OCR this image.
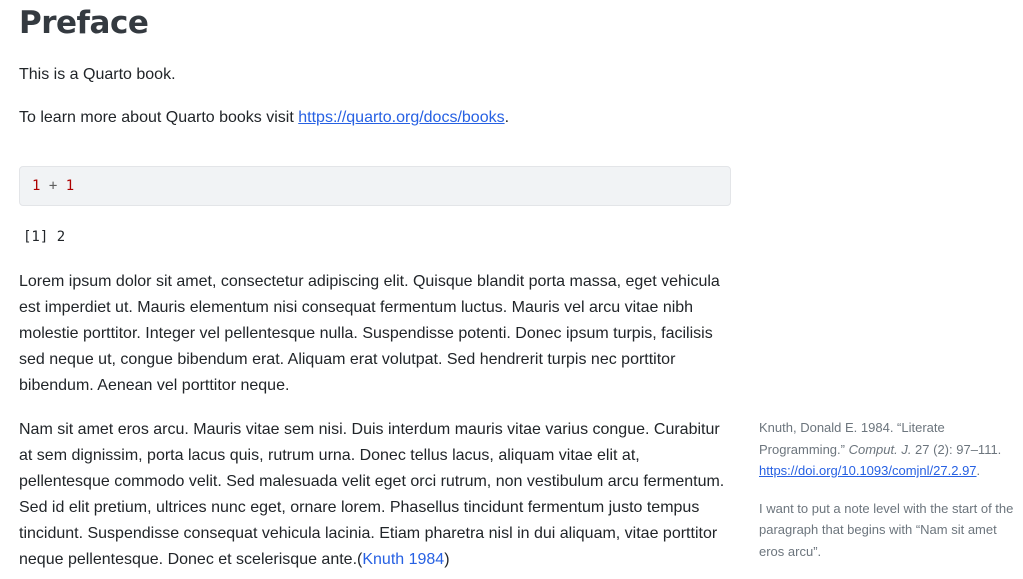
Preface

This is a Quarto book.

To learn more about Quarto books visit https://quarto.org/docs/books.

1 + 1
[1] 2

Lorem ipsum dolor sit amet, consectetur adipiscing elit. Quisque blandit porta massa, eget vehicula est imperdiet ut. Mauris elementum nisi consequat fermentum luctus. Mauris vel arcu vitae nibh molestie porttitor. Integer vel pellentesque nulla. Suspendisse potenti. Donec ipsum turpis, facilisis sed neque ut, congue bibendum erat. Aliquam erat volutpat. Sed hendrerit turpis nec porttitor bibendum. Aenean vel porttitor neque.

Nam sit amet eros arcu. Mauris vitae sem nisi. Duis interdum mauris vitae varius congue. Curabitur at sem dignissim, porta lacus quis, rutrum urna. Donec tellus lacus, aliquam vitae elit at, pellentesque commodo velit. Sed malesuada velit eget orci rutrum, non vestibulum arcu fermentum. Sed id elit pretium, ultrices nunc eget, ornare lorem. Phasellus tincidunt fermentum justo tempus tincidunt. Suspendisse consequat vehicula lacinia. Etiam pharetra nisl in dui aliquam, vitae porttitor neque pellentesque. Donec et scelerisque ante.(Knuth 1984)

Knuth, Donald E. 1984. “Literate Programming.” Comput. J. 27 (2): 97–111. https://doi.org/10.1093/comjnl/27.2.97.

I want to put a note level with the start of the paragraph that begins with “Nam sit amet eros arcu”.
